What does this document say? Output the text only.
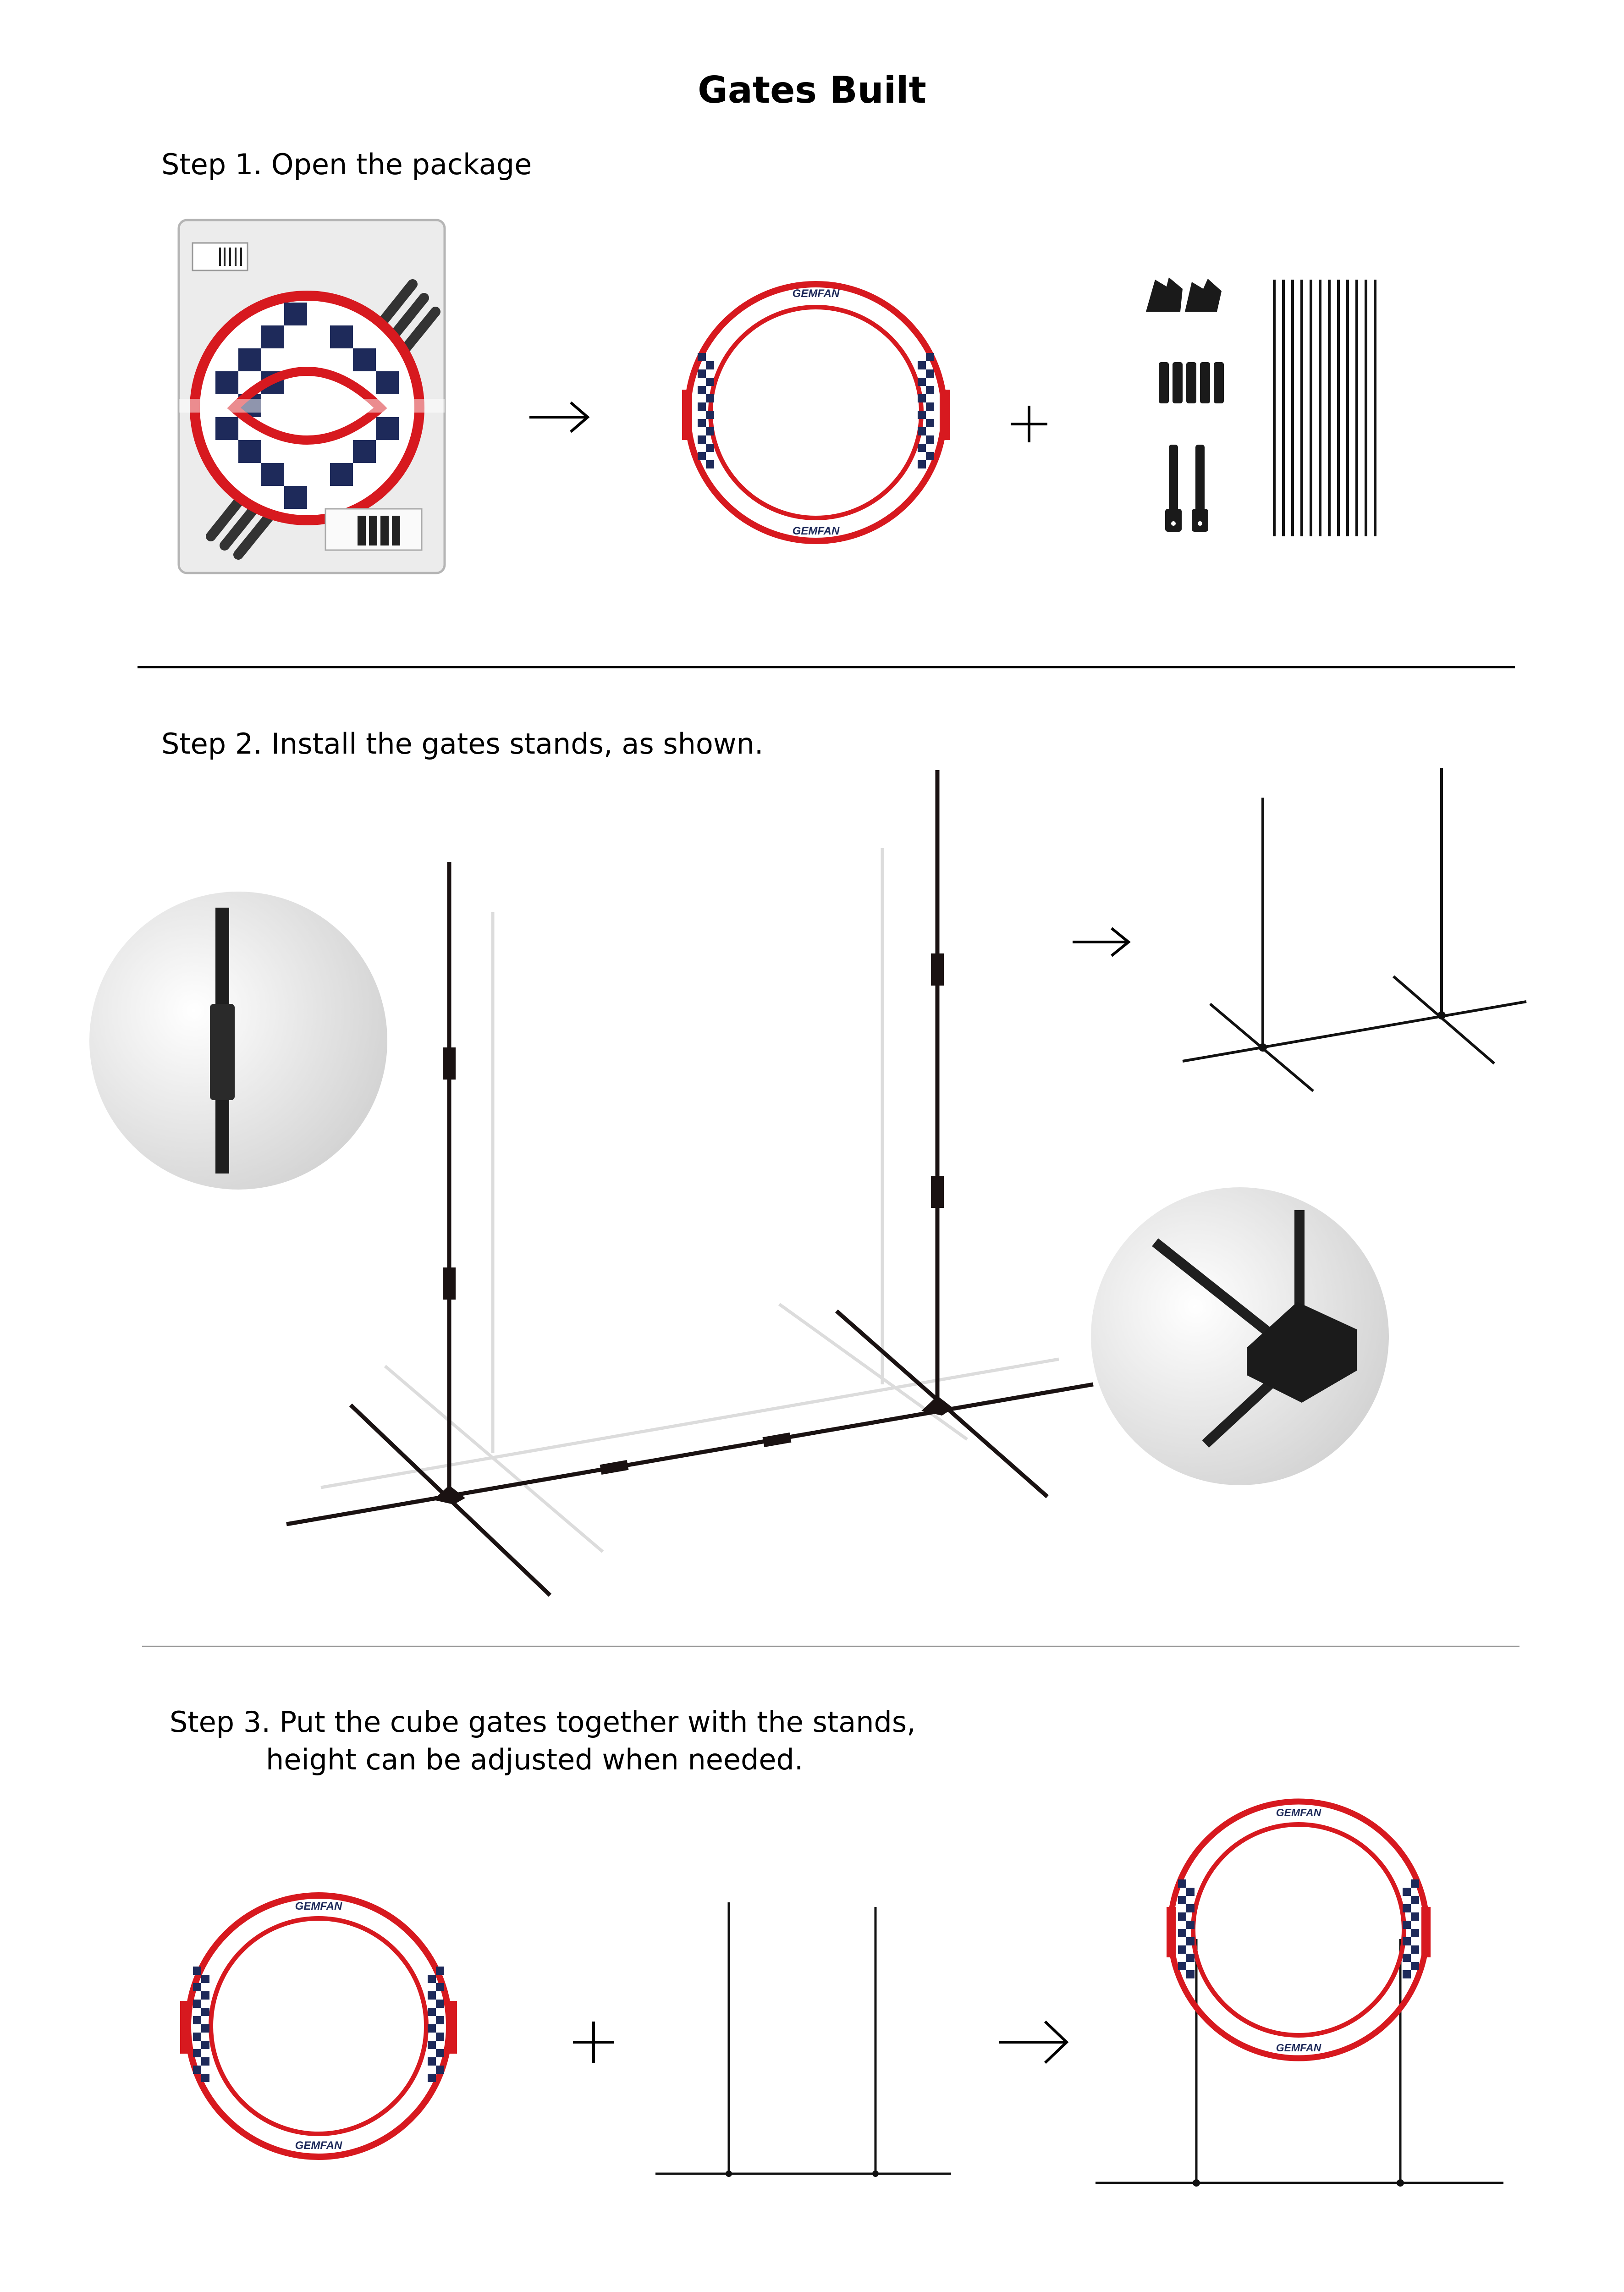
Gates Built
Step 1. Open the package
GEMFAN
GEMFAN
Step 2. Install the gates stands, as shown.
Step 3. Put the cube gates together with the stands,
height can be adjusted when needed.
GEMFAN
GEMFAN
GEMFAN
GEMFAN
